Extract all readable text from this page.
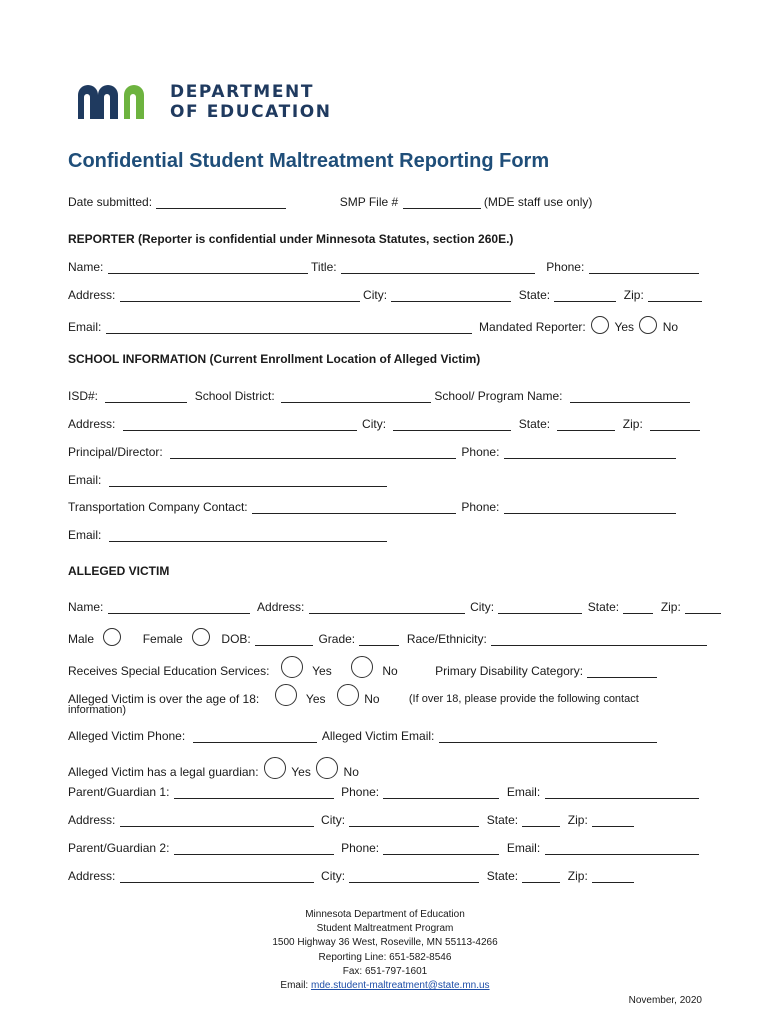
DEPARTMENT
OF EDUCATION
Confidential Student Maltreatment Reporting Form
Date submitted:	SMP File #	(MDE staff use only)
REPORTER (Reporter is confidential under Minnesota Statutes, section 260E.)
Name:	Title:	Phone:
Address:	City:	State:	Zip:
Email:	Mandated Reporter: Yes No
SCHOOL INFORMATION (Current Enrollment Location of Alleged Victim)
ISD#:	School District:	School/ Program Name:
Address:	City:	State:	Zip:
Principal/Director:	Phone:
Email:
Transportation Company Contact:	Phone:
Email:
ALLEGED VICTIM
Name:	Address:	City:	State:	Zip:
Male	Female	DOB:	Grade:	Race/Ethnicity:
Receives Special Education Services:	Yes	No	Primary Disability Category:
Alleged Victim is over the age of 18:	Yes	No	(If over 18, please provide the following contact
information)
Alleged Victim Phone:	Alleged Victim Email:
Alleged Victim has a legal guardian:	Yes	No
Parent/Guardian 1:	Phone:	Email:
Address:	City:	State:	Zip:
Parent/Guardian 2:	Phone:	Email:
Address:	City:	State:	Zip:
Minnesota Department of Education
Student Maltreatment Program
1500 Highway 36 West, Roseville, MN 55113-4266
Reporting Line: 651-582-8546
Fax: 651-797-1601
Email: mde.student-maltreatment@state.mn.us
November, 2020
